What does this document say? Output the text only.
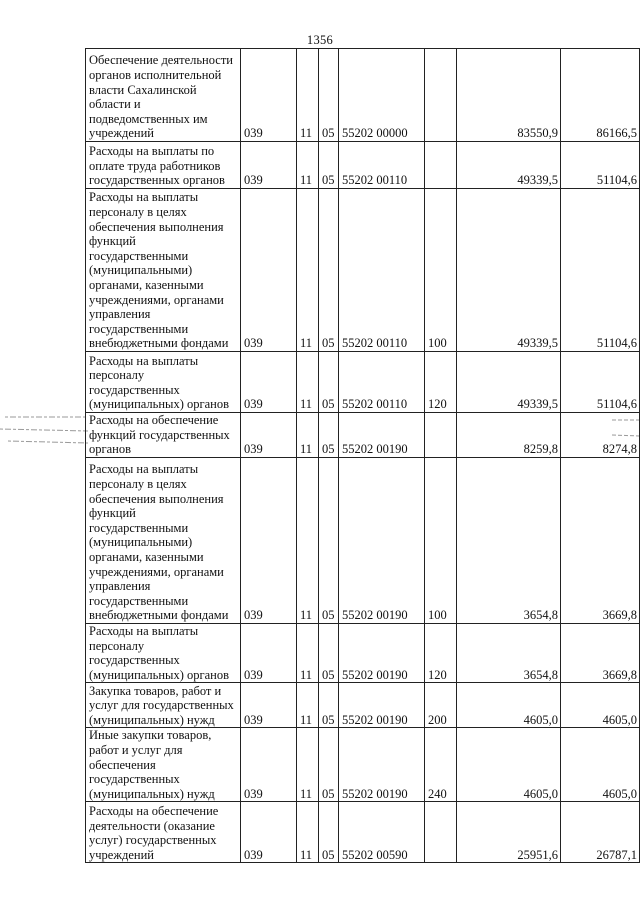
1356
Обеспечение деятельности органов исполнительной власти Сахалинской области и подведомственных им учреждений	039	11	05	55202 00000		83550,9	86166,5
Расходы на выплаты по оплате труда работников государственных органов	039	11	05	55202 00110		49339,5	51104,6
Расходы на выплаты персоналу в целях обеспечения выполнения функций государственными (муниципальными) органами, казенными учреждениями, органами управления государственными внебюджетными фондами	039	11	05	55202 00110	100	49339,5	51104,6
Расходы на выплаты персоналу государственных (муниципальных) органов	039	11	05	55202 00110	120	49339,5	51104,6
Расходы на обеспечение функций государственных органов	039	11	05	55202 00190		8259,8	8274,8
Расходы на выплаты персоналу в целях обеспечения выполнения функций государственными (муниципальными) органами, казенными учреждениями, органами управления государственными внебюджетными фондами	039	11	05	55202 00190	100	3654,8	3669,8
Расходы на выплаты персоналу государственных (муниципальных) органов	039	11	05	55202 00190	120	3654,8	3669,8
Закупка товаров, работ и услуг для государственных (муниципальных) нужд	039	11	05	55202 00190	200	4605,0	4605,0
Иные закупки товаров, работ и услуг для обеспечения государственных (муниципальных) нужд	039	11	05	55202 00190	240	4605,0	4605,0
Расходы на обеспечение деятельности (оказание услуг) государственных учреждений	039	11	05	55202 00590		25951,6	26787,1
